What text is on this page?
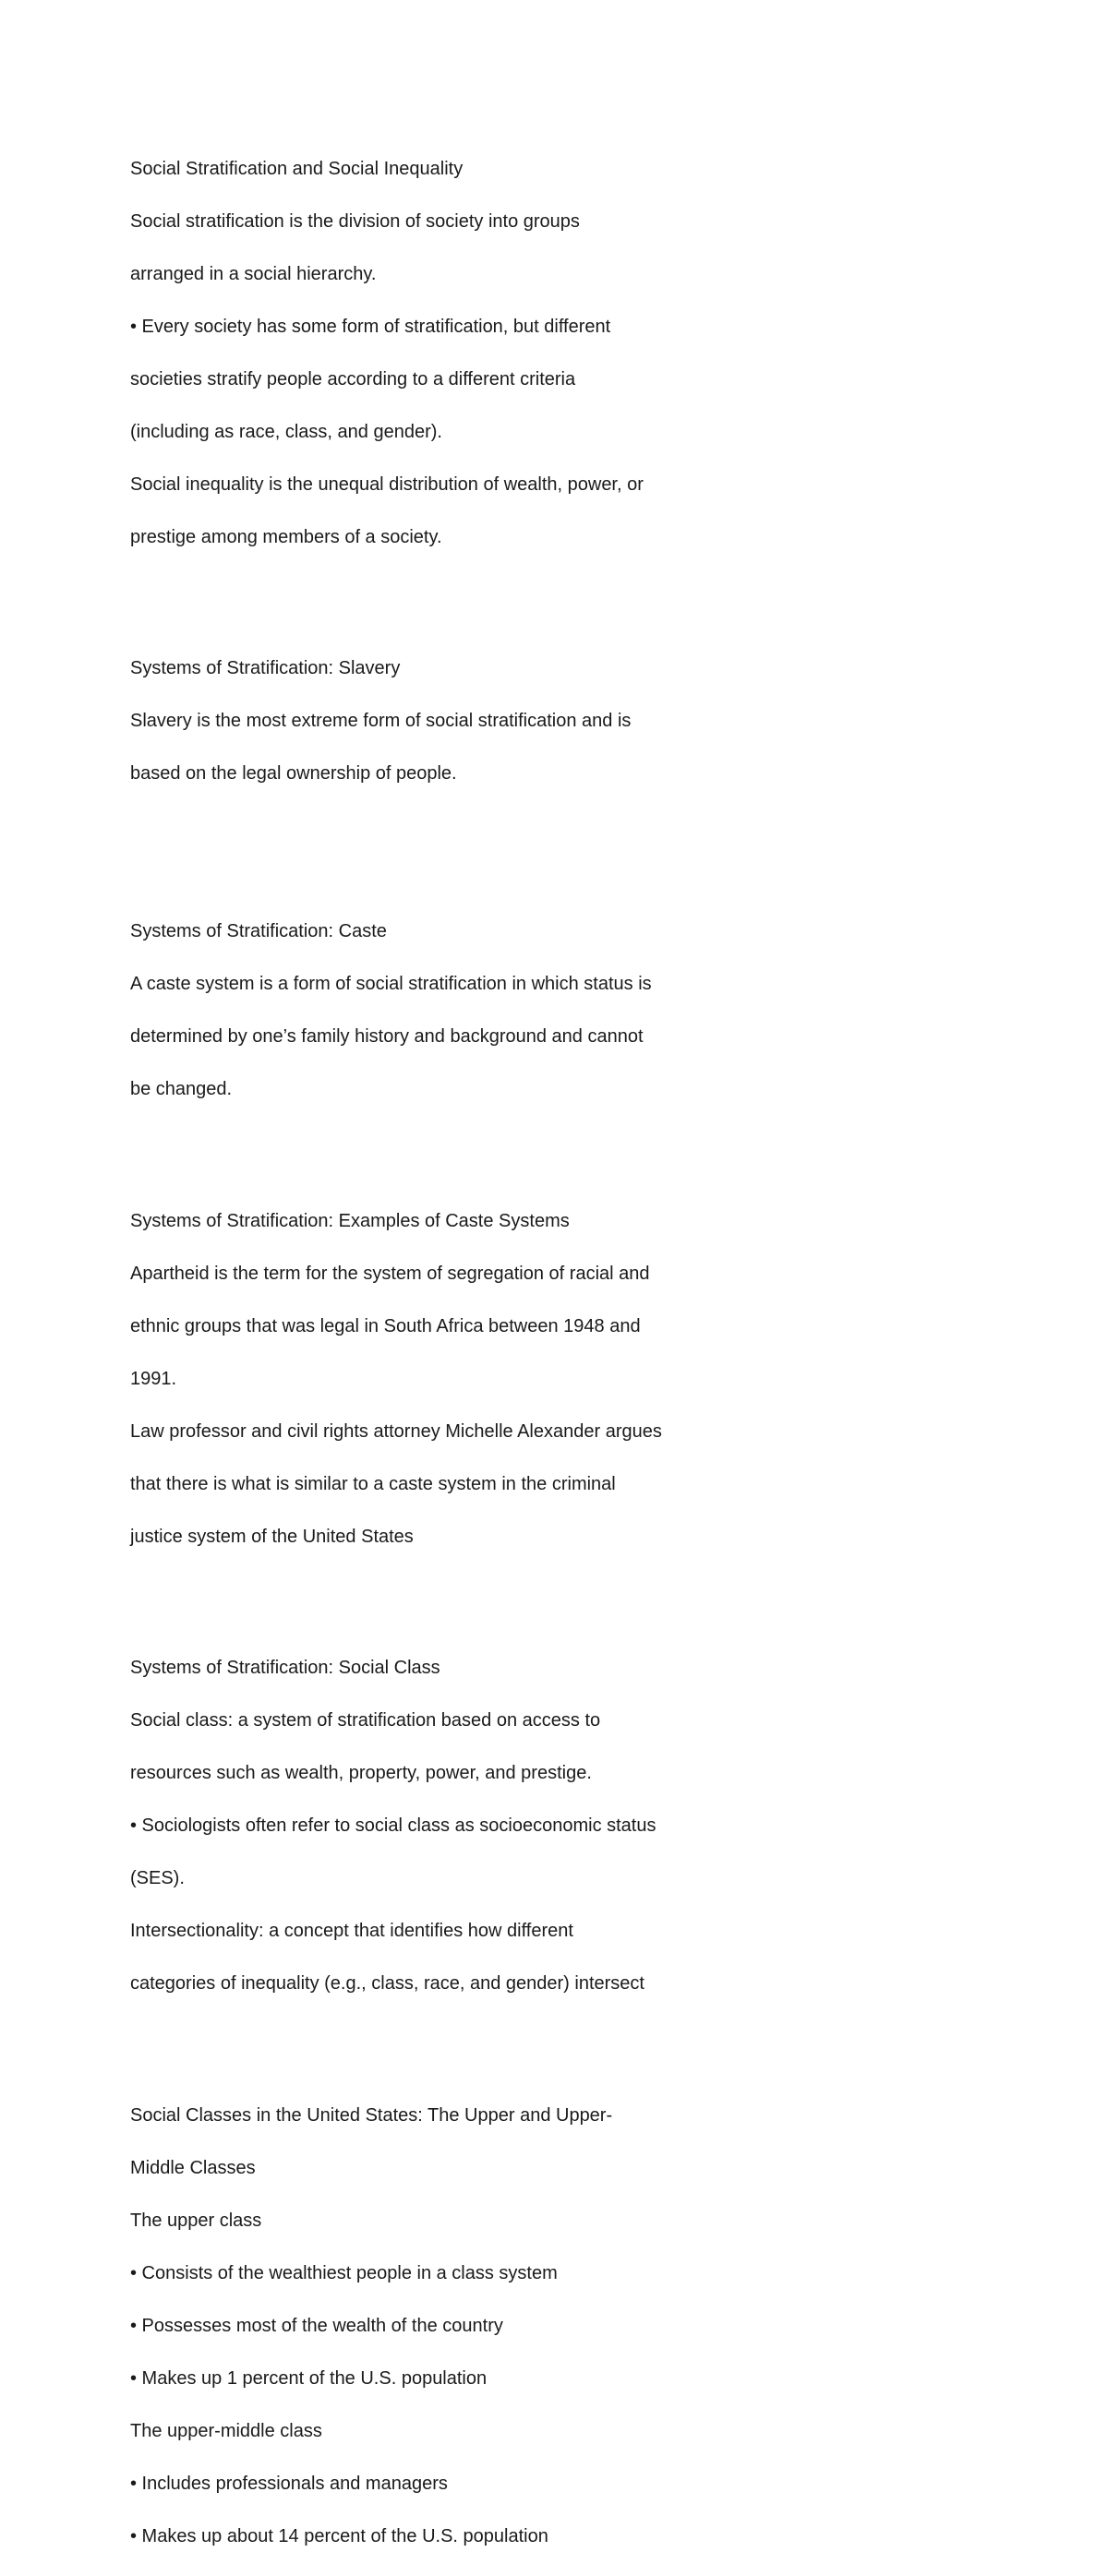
Social Stratification and Social Inequality

Social stratification is the division of society into groups

arranged in a social hierarchy.

• Every society has some form of stratification, but different

societies stratify people according to a different criteria

(including as race, class, and gender).

Social inequality is the unequal distribution of wealth, power, or

prestige among members of a society.

Systems of Stratification: Slavery

Slavery is the most extreme form of social stratification and is

based on the legal ownership of people.

Systems of Stratification: Caste

A caste system is a form of social stratification in which status is

determined by one’s family history and background and cannot

be changed.

Systems of Stratification: Examples of Caste Systems

Apartheid is the term for the system of segregation of racial and

ethnic groups that was legal in South Africa between 1948 and

1991.

Law professor and civil rights attorney Michelle Alexander argues

that there is what is similar to a caste system in the criminal

justice system of the United States

Systems of Stratification: Social Class

Social class: a system of stratification based on access to

resources such as wealth, property, power, and prestige.

• Sociologists often refer to social class as socioeconomic status

(SES).

Intersectionality: a concept that identifies how different

categories of inequality (e.g., class, race, and gender) intersect

Social Classes in the United States: The Upper and Upper-

Middle Classes

The upper class

• Consists of the wealthiest people in a class system

• Possesses most of the wealth of the country

• Makes up 1 percent of the U.S. population

The upper-middle class

• Includes professionals and managers

• Makes up about 14 percent of the U.S. population
